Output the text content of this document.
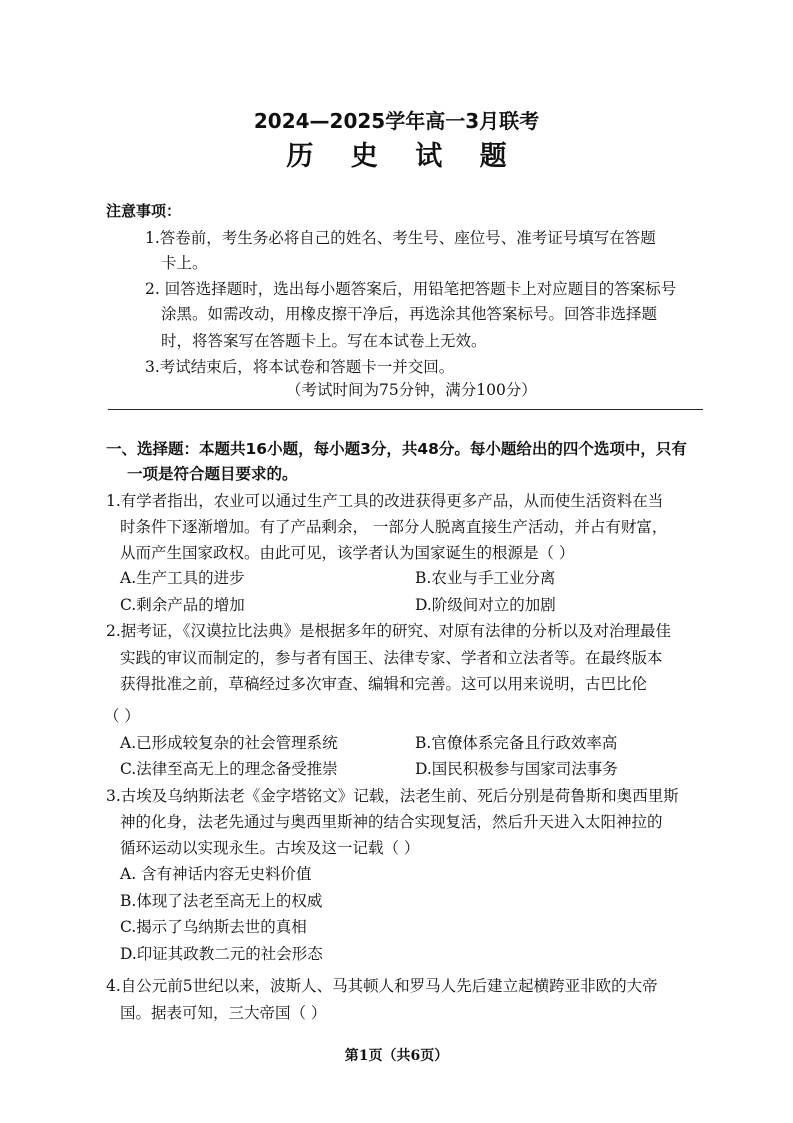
2024—2025学年高一3月联考
历 史 试 题
注意事项：
1.答卷前，考生务必将自己的姓名、考生号、座位号、准考证号填写在答题
卡上。
2. 回答选择题时，选出每小题答案后，用铅笔把答题卡上对应题目的答案标号
涂黑。如需改动，用橡皮擦干净后，再选涂其他答案标号。回答非选择题
时，将答案写在答题卡上。写在本试卷上无效。
3.考试结束后，将本试卷和答题卡一并交回。
（考试时间为75分钟，满分100分）
一、选择题：本题共16小题，每小题3分，共48分。每小题给出的四个选项中，只有
一项是符合题目要求的。
1.有学者指出，农业可以通过生产工具的改进获得更多产品，从而使生活资料在当
时条件下逐渐增加。有了产品剩余， 一部分人脱离直接生产活动，并占有财富，
从而产生国家政权。由此可见，该学者认为国家诞生的根源是（ ）
A.生产工具的进步	B.农业与手工业分离
C.剩余产品的增加	D.阶级间对立的加剧
2.据考证，《汉谟拉比法典》是根据多年的研究、对原有法律的分析以及对治理最佳
实践的审议而制定的，参与者有国王、法律专家、学者和立法者等。在最终版本
获得批准之前，草稿经过多次审查、编辑和完善。这可以用来说明，古巴比伦
（ ）
A.已形成较复杂的社会管理系统	B.官僚体系完备且行政效率高
C.法律至高无上的理念备受推崇	D.国民积极参与国家司法事务
3.古埃及乌纳斯法老《金字塔铭文》记载，法老生前、死后分别是荷鲁斯和奥西里斯
神的化身，法老先通过与奥西里斯神的结合实现复活，然后升天进入太阳神拉的
循环运动以实现永生。古埃及这一记载（ ）
A. 含有神话内容无史料价值
B.体现了法老至高无上的权威
C.揭示了乌纳斯去世的真相
D.印证其政教二元的社会形态
4.自公元前5世纪以来，波斯人、马其顿人和罗马人先后建立起横跨亚非欧的大帝
国。据表可知，三大帝国（ ）
第1页（共6页）
